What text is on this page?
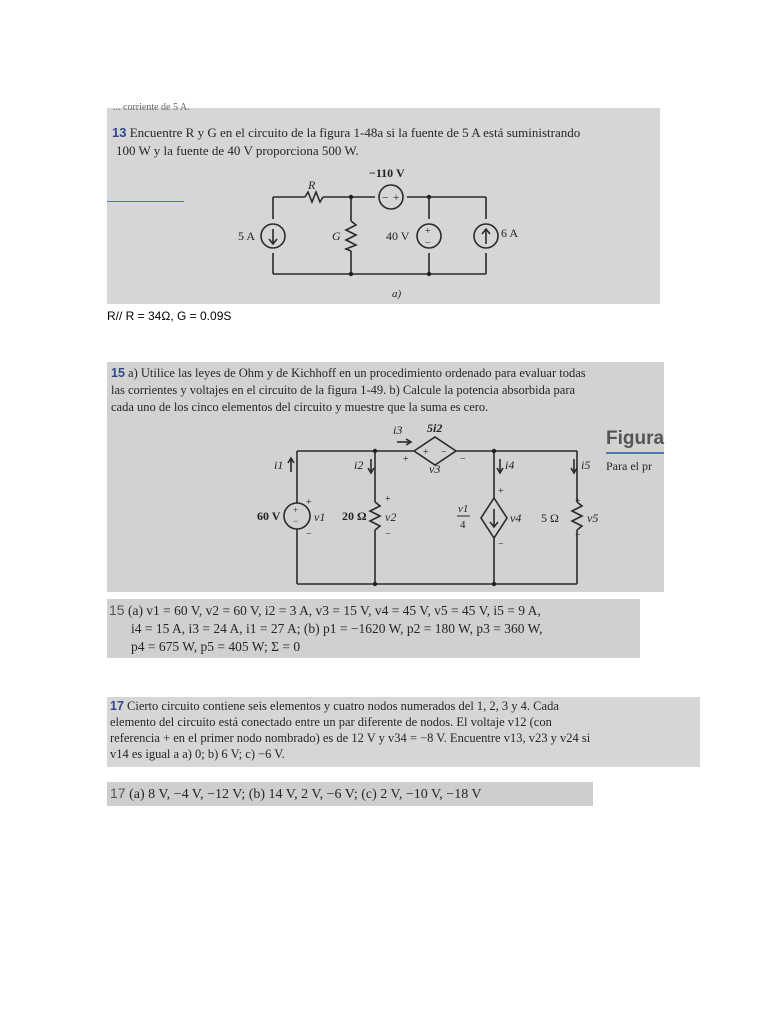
... corriente de 5 A.
13 Encuentre R y G en el circuito de la figura 1-48a si la fuente de 5 A está suministrando
100 W y la fuente de 40 V proporciona 500 W.
R
−110 V
− +
5 A	G	40 V +
−
6 A
a)
R// R = 34Ω, G = 0.09S
15 a) Utilice las leyes de Ohm y de Kichhoff en un procedimiento ordenado para evaluar todas
las corrientes y voltajes en el circuito de la figura 1-49. b) Calcule la potencia absorbida para
cada uno de los cinco elementos del circuito y muestre que la suma es cero.
Figura
Para el pr
i3 5i2
+ −
+	−
v3
i1	i2	i4	i5
60 V +
−
+
v1
−
20 Ω
+
v2
−
v1
4
+
v4
−
5 Ω
+
v5
−
15 (a) v1 = 60 V, v2 = 60 V, i2 = 3 A, v3 = 15 V, v4 = 45 V, v5 = 45 V, i5 = 9 A,
i4 = 15 A, i3 = 24 A, i1 = 27 A; (b) p1 = −1620 W, p2 = 180 W, p3 = 360 W,
p4 = 675 W, p5 = 405 W; Σ = 0
17 Cierto circuito contiene seis elementos y cuatro nodos numerados del 1, 2, 3 y 4. Cada
elemento del circuito está conectado entre un par diferente de nodos. El voltaje v12 (con
referencia + en el primer nodo nombrado) es de 12 V y v34 = −8 V. Encuentre v13, v23 y v24 si
v14 es igual a a) 0; b) 6 V; c) −6 V.
17 (a) 8 V, −4 V, −12 V; (b) 14 V, 2 V, −6 V; (c) 2 V, −10 V, −18 V
